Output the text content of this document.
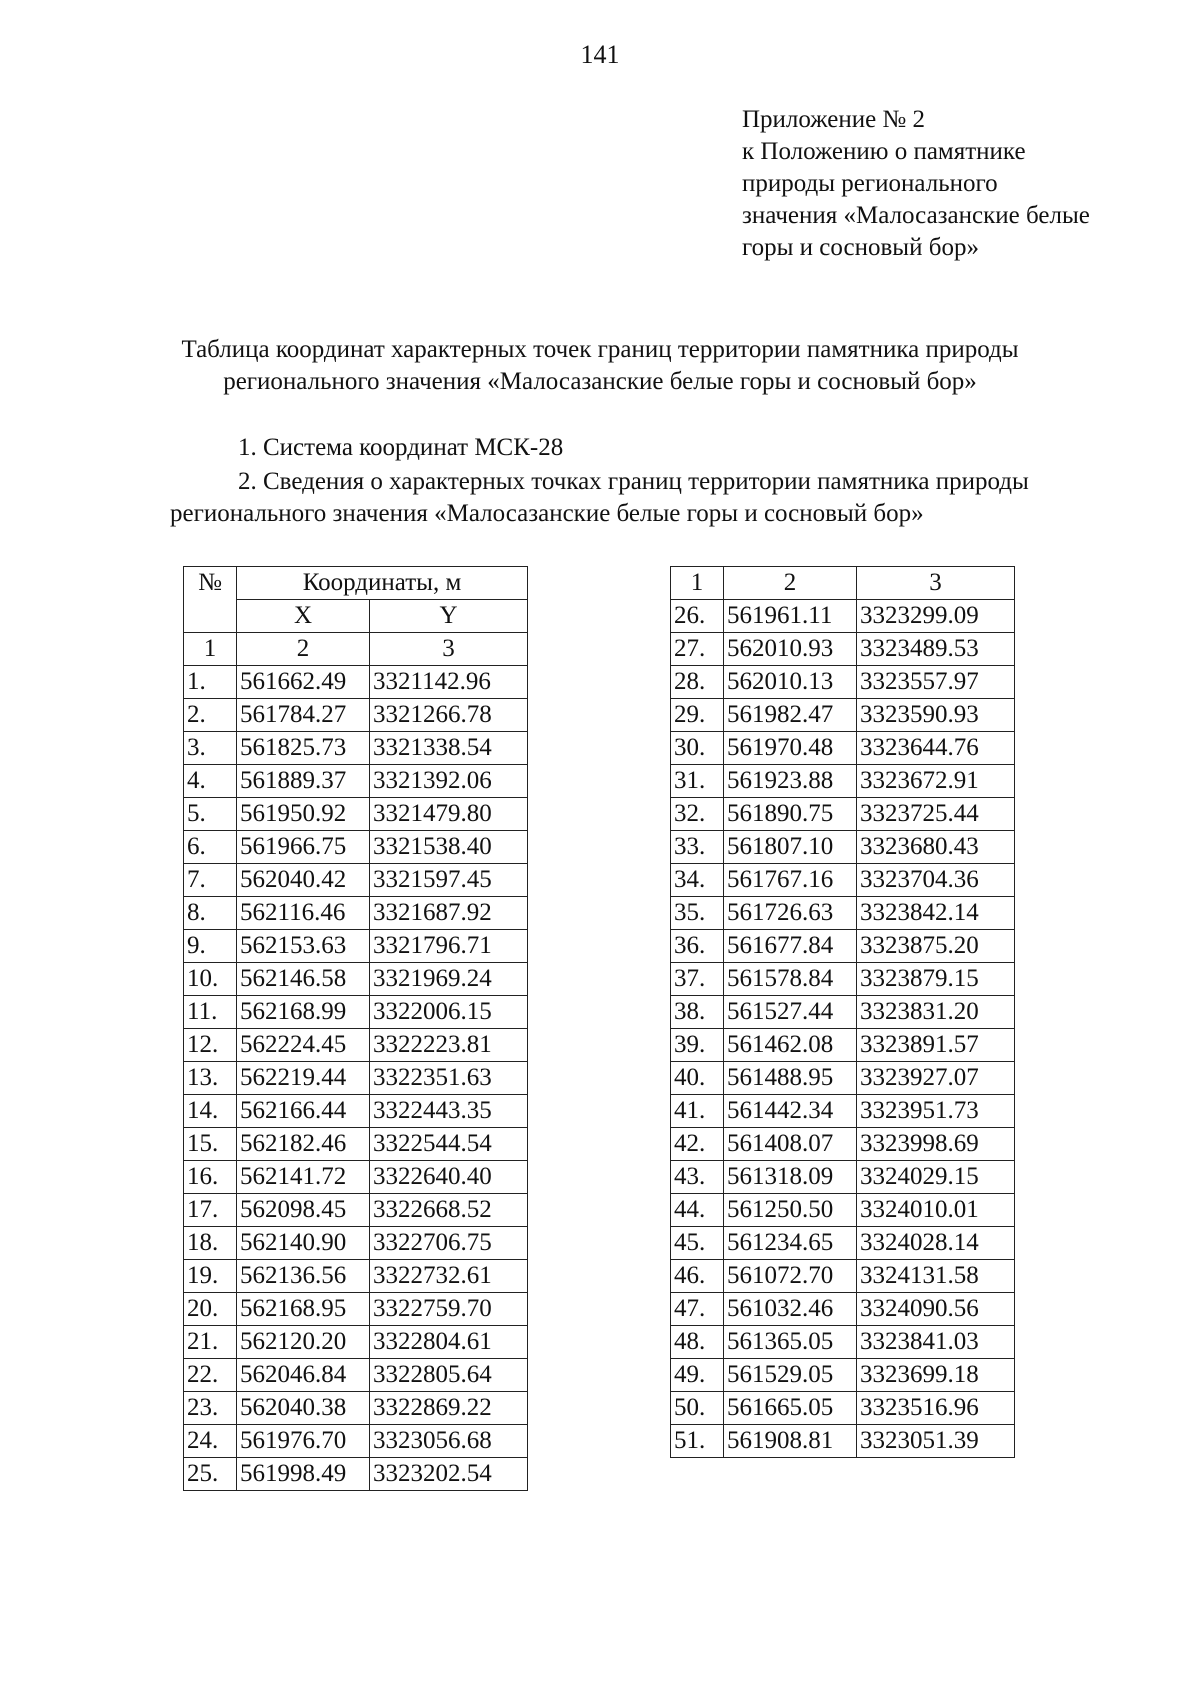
141
Приложение № 2
к Положению о памятнике
природы регионального
значения «Малосазанские белые
горы и сосновый бор»
Таблица координат характерных точек границ территории памятника природы
регионального значения «Малосазанские белые горы и сосновый бор»
1. Система координат МСК-28
2. Сведения о характерных точках границ территории памятника природы
регионального значения «Малосазанские белые горы и сосновый бор»
№	Координаты, м	
	X	Y
1	2	3
1.	561662.49	3321142.96
2.	561784.27	3321266.78
3.	561825.73	3321338.54
4.	561889.37	3321392.06
5.	561950.92	3321479.80
6.	561966.75	3321538.40
7.	562040.42	3321597.45
8.	562116.46	3321687.92
9.	562153.63	3321796.71
10.	562146.58	3321969.24
11.	562168.99	3322006.15
12.	562224.45	3322223.81
13.	562219.44	3322351.63
14.	562166.44	3322443.35
15.	562182.46	3322544.54
16.	562141.72	3322640.40
17.	562098.45	3322668.52
18.	562140.90	3322706.75
19.	562136.56	3322732.61
20.	562168.95	3322759.70
21.	562120.20	3322804.61
22.	562046.84	3322805.64
23.	562040.38	3322869.22
24.	561976.70	3323056.68
25.	561998.49	3323202.54
1	2	3
26.	561961.11	3323299.09
27.	562010.93	3323489.53
28.	562010.13	3323557.97
29.	561982.47	3323590.93
30.	561970.48	3323644.76
31.	561923.88	3323672.91
32.	561890.75	3323725.44
33.	561807.10	3323680.43
34.	561767.16	3323704.36
35.	561726.63	3323842.14
36.	561677.84	3323875.20
37.	561578.84	3323879.15
38.	561527.44	3323831.20
39.	561462.08	3323891.57
40.	561488.95	3323927.07
41.	561442.34	3323951.73
42.	561408.07	3323998.69
43.	561318.09	3324029.15
44.	561250.50	3324010.01
45.	561234.65	3324028.14
46.	561072.70	3324131.58
47.	561032.46	3324090.56
48.	561365.05	3323841.03
49.	561529.05	3323699.18
50.	561665.05	3323516.96
51.	561908.81	3323051.39
